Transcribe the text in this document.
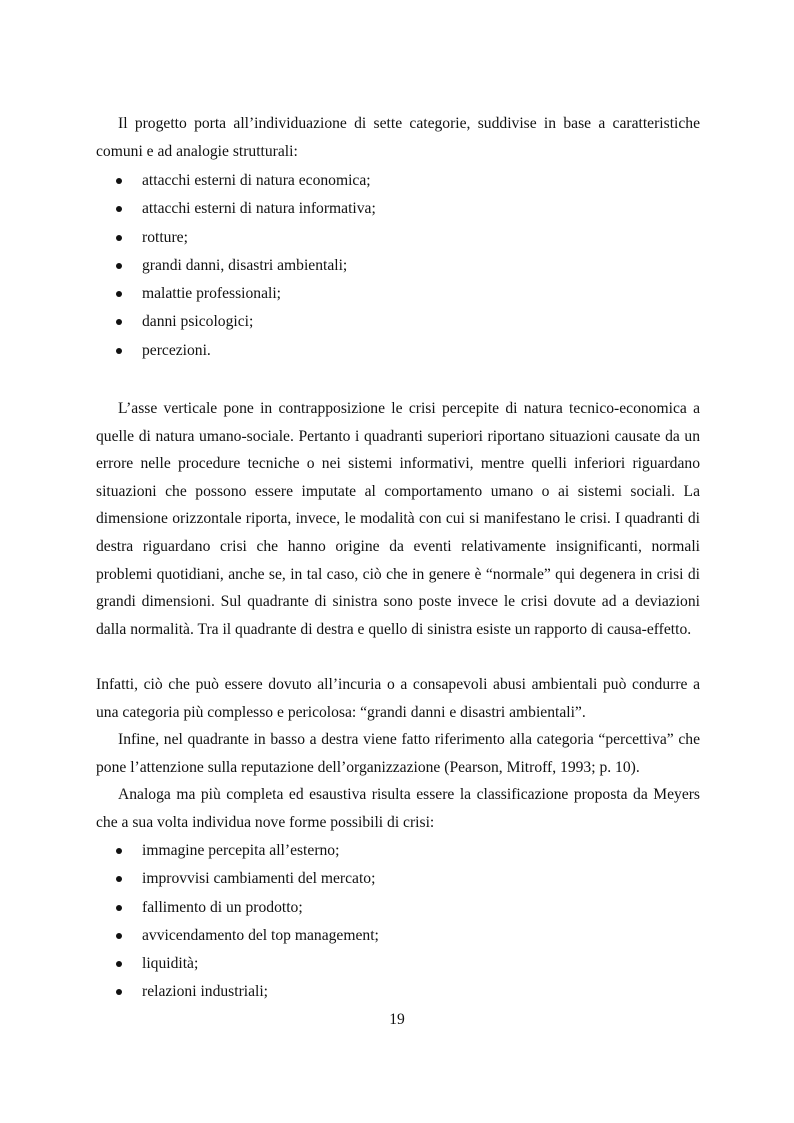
Il progetto porta all’individuazione di sette categorie, suddivise in base a caratteristiche comuni e ad analogie strutturali:

attacchi esterni di natura economica;
attacchi esterni di natura informativa;
rotture;
grandi danni, disastri ambientali;
malattie professionali;
danni psicologici;
percezioni.

L’asse verticale pone in contrapposizione le crisi percepite di natura tecnico-economica a quelle di natura umano-sociale. Pertanto i quadranti superiori riportano situazioni causate da un errore nelle procedure tecniche o nei sistemi informativi, mentre quelli inferiori riguardano situazioni che possono essere imputate al comportamento umano o ai sistemi sociali. La dimensione orizzontale riporta, invece, le modalità con cui si manifestano le crisi. I quadranti di destra riguardano crisi che hanno origine da eventi relativamente insignificanti, normali problemi quotidiani, anche se, in tal caso, ciò che in genere è “normale” qui degenera in crisi di grandi dimensioni. Sul quadrante di sinistra sono poste invece le crisi dovute ad a deviazioni dalla normalità. Tra il quadrante di destra e quello di sinistra esiste un rapporto di causa-effetto.

Infatti, ciò che può essere dovuto all’incuria o a consapevoli abusi ambientali può condurre a una categoria più complesso e pericolosa: “grandi danni e disastri ambientali”.

Infine, nel quadrante in basso a destra viene fatto riferimento alla categoria “percettiva” che pone l’attenzione sulla reputazione dell’organizzazione (Pearson, Mitroff, 1993; p. 10).

Analoga ma più completa ed esaustiva risulta essere la classificazione proposta da Meyers che a sua volta individua nove forme possibili di crisi:

immagine percepita all’esterno;
improvvisi cambiamenti del mercato;
fallimento di un prodotto;
avvicendamento del top management;
liquidità;
relazioni industriali;
19
